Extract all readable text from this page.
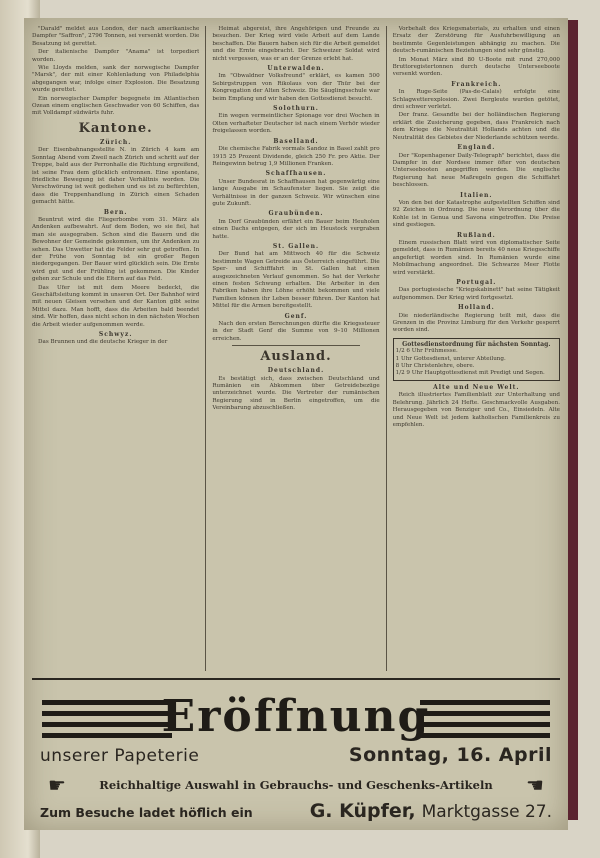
"Darald" meldet aus London, der nach amerikanische Dampfer "Saffron", 2796 Tonnen, sei versenkt worden. Die Besatzung ist gerettet.

Der italienische Dampfer "Anama" ist torpediert worden.

Wie Lloyds melden, sank der norwegische Dampfer "Marsk", der mit einer Kohlenladung von Philadelphia abgegangen war, infolge einer Explosion. Die Besatzung wurde gerettet.

Ein norwegischer Dampfer begegnete im Atlantischen Ozean einem englischen Geschwader von 60 Schiffen, das mit Volldampf südwärts fuhr.

Kantone.
Zürich.

Der Eisenbahnangestellte N. in Zürich 4 kam am Sonntag Abend vom Zweil nach Zürich und schritt auf der Treppe, bald aus der Perronhalle die Richtung ergreifend, ist seine Frau dem glücklich entronnen. Eine spontane, friedliche Bewegung ist daher Verhältnis worden. Die Verschwörung ist weit gediehen und es ist zu befürchten, dass die Treppenhandlung in Zürich einen Schaden gemacht hätte.

Bern.

Beuntrut wird die Fliegerbombe vom 31. März als Andenken aufbewahrt. Auf dem Boden, wo sie fiel, hat man sie ausgegraben. Schon sind die Bauern und die Bewohner der Gemeinde gekommen, um ihr Andenken zu sehen. Das Unwetter hat die Felder sehr gut getroffen. In der Frühe von Sonntag ist ein großer Regen niedergegangen. Der Bauer wird glücklich sein. Die Ernte wird gut und der Frühling ist gekommen. Die Kinder gehen zur Schule und die Eltern auf das Feld.

Das Ufer ist mit dem Meere bedeckt, die Geschäftsleitung kommt in unseren Ort. Der Bahnhof wird mit neuen Gleisen versehen und der Kanton gibt seine Mittel dazu. Man hofft, dass die Arbeiten bald beendet sind. Wir hoffen, dass nicht schon in den nächsten Wochen die Arbeit wieder aufgenommen werde.

Schwyz.

Das Brunnen und die deutsche Krieger in der

Heimat abgereist, ihre Angehörigen und Freunde zu besuchen. Der Krieg wird viele Arbeit auf dem Lande beschaffen. Die Bauern haben sich für die Arbeit gemeldet und die Ernte eingebracht. Der Schweizer Soldat wird nicht vergessen, was er an der Grenze erlebt hat.

Unterwalden.

Im "Obwaldner Volksfreund" erklärt, es kamen 500 Sebirgstruppen von Rikolaus von der Thür bei der Kongregation der Alten Schweiz. Die Säuglingsschule war beim Empfang und wir haben den Gottesdienst besucht.

Solothurn.

Ein wegen vermeintlicher Spionage vor drei Wochen in Olten verhafteter Deutscher ist nach einem Verhör wieder freigelassen worden.

Baselland.

Die chemische Fabrik vormals Sandoz in Basel zahlt pro 1915 25 Prozent Dividende, gleich 250 Fr. pro Aktie. Der Reingewinn betrug 1,9 Millionen Franken.

Schaffhausen.

Unser Bundesrat in Schaffhausen hat gegenwärtig eine lange Ausgabe im Schaufenster liegen. Sie zeigt die Verhältnisse in der ganzen Schweiz. Wir wünschen eine gute Zukunft.

Graubünden.

Im Dorf Graubünden erfährt ein Bauer beim Heuholen einen Dachs entgegen, der sich im Heustock vergraben hatte.

St. Gallen.

Der Bund hat am Mittwoch 40 für die Schweiz bestimmte Wagen Getreide aus Österreich eingeführt. Die Sper- und Schifffahrt in St. Gallen hat einen ausgezeichneten Verlauf genommen. So hat der Verkehr einen festen Schwung erhalten. Die Arbeiter in den Fabriken haben ihre Löhne erhöht bekommen und viele Familien können ihr Leben besser führen. Der Kanton hat Mittel für die Armen bereitgestellt.

Genf.

Nach den ersten Berechnungen dürfte die Kriegssteuer in der Stadt Genf die Summe von 9–10 Millionen erreichen.

Ausland.
Deutschland.

Es bestätigt sich, dass zwischen Deutschland und Rumänien ein Abkommen über Getreidebezüge unterzeichnet wurde. Die Vertreter der rumänischen Regierung sind in Berlin eingetroffen, um die Vereinbarung abzuschließen.

Vorbehalt des Kriegsmaterials, zu erhalten und einen Ersatz der Zerstörung für Ausfuhrbewilligung an bestimmte Gegenleistungen abhängig zu machen. Die deutsch-rumänischen Beziehungen sind sehr günstig.

Im Monat März sind 80 U-Boote mit rund 270,000 Bruttoregistertonnen durch deutsche Unterseeboote versenkt worden.

Frankreich.

In Ruge-Seite (Pas-de-Calais) erfolgte eine Schlagwetterexplosion. Zwei Bergleute wurden getötet, drei schwer verletzt.

Der franz. Gesandte bei der holländischen Regierung erklärt die Zusicherung gegeben, dass Frankreich nach dem Kriege die Neutralität Hollands achten und die Neutralität des Gebietes der Niederlande schützen werde.

England.

Der "Kopenhagener Daily-Telegraph" berichtet, dass die Dampfer in der Nordsee immer öfter von deutschen Unterseebooten angegriffen werden. Die englische Regierung hat neue Maßregeln gegen die Schiffahrt beschlossen.

Italien.

Von den bei der Katastrophe aufgestellten Schiffen sind 92 Zeichen in Ordnung. Die neue Verordnung über die Kohle ist in Genua und Savona eingetroffen. Die Preise sind gestiegen.

Rußland.

Einem russischen Blatt wird von diplomatischer Seite gemeldet, dass in Rumänien bereits 40 neue Kriegsschiffe angefertigt worden sind. In Rumänien wurde eine Mobilmachung angeordnet. Die Schwarze Meer Flotte wird verstärkt.

Portugal.

Das portugiesische "Kriegskabinett" hat seine Tätigkeit aufgenommen. Der Krieg wird fortgesetzt.

Holland.

Die niederländische Regierung teilt mit, dass die Grenzen in die Provinz Limburg für den Verkehr gesperrt worden sind.

Gottesdienstordnung für nächsten Sonntag.
1/2 6 Uhr Frühmesse.
1 Uhr Gottesdienst, unterer Abteilung.
8 Uhr Christenlehre, obere.
1/2 9 Uhr Hauptgottesdienst mit Predigt und Segen.
Alte und Neue Welt.

Reich illustriertes Familienblatt zur Unterhaltung und Belehrung. Jährlich 24 Hefte. Geschmackvolle Ausgaben. Herausgegeben von Benziger und Co., Einsiedeln. Alte und Neue Welt ist jedem katholischen Familienkreis zu empfehlen.

Eröffnung
unserer Papeterie	Sonntag, 16. April
☛	Reichhaltige Auswahl in Gebrauchs- und Geschenks-Artikeln	☚
Zum Besuche ladet höflich ein	G. Küpfer, Marktgasse 27.
